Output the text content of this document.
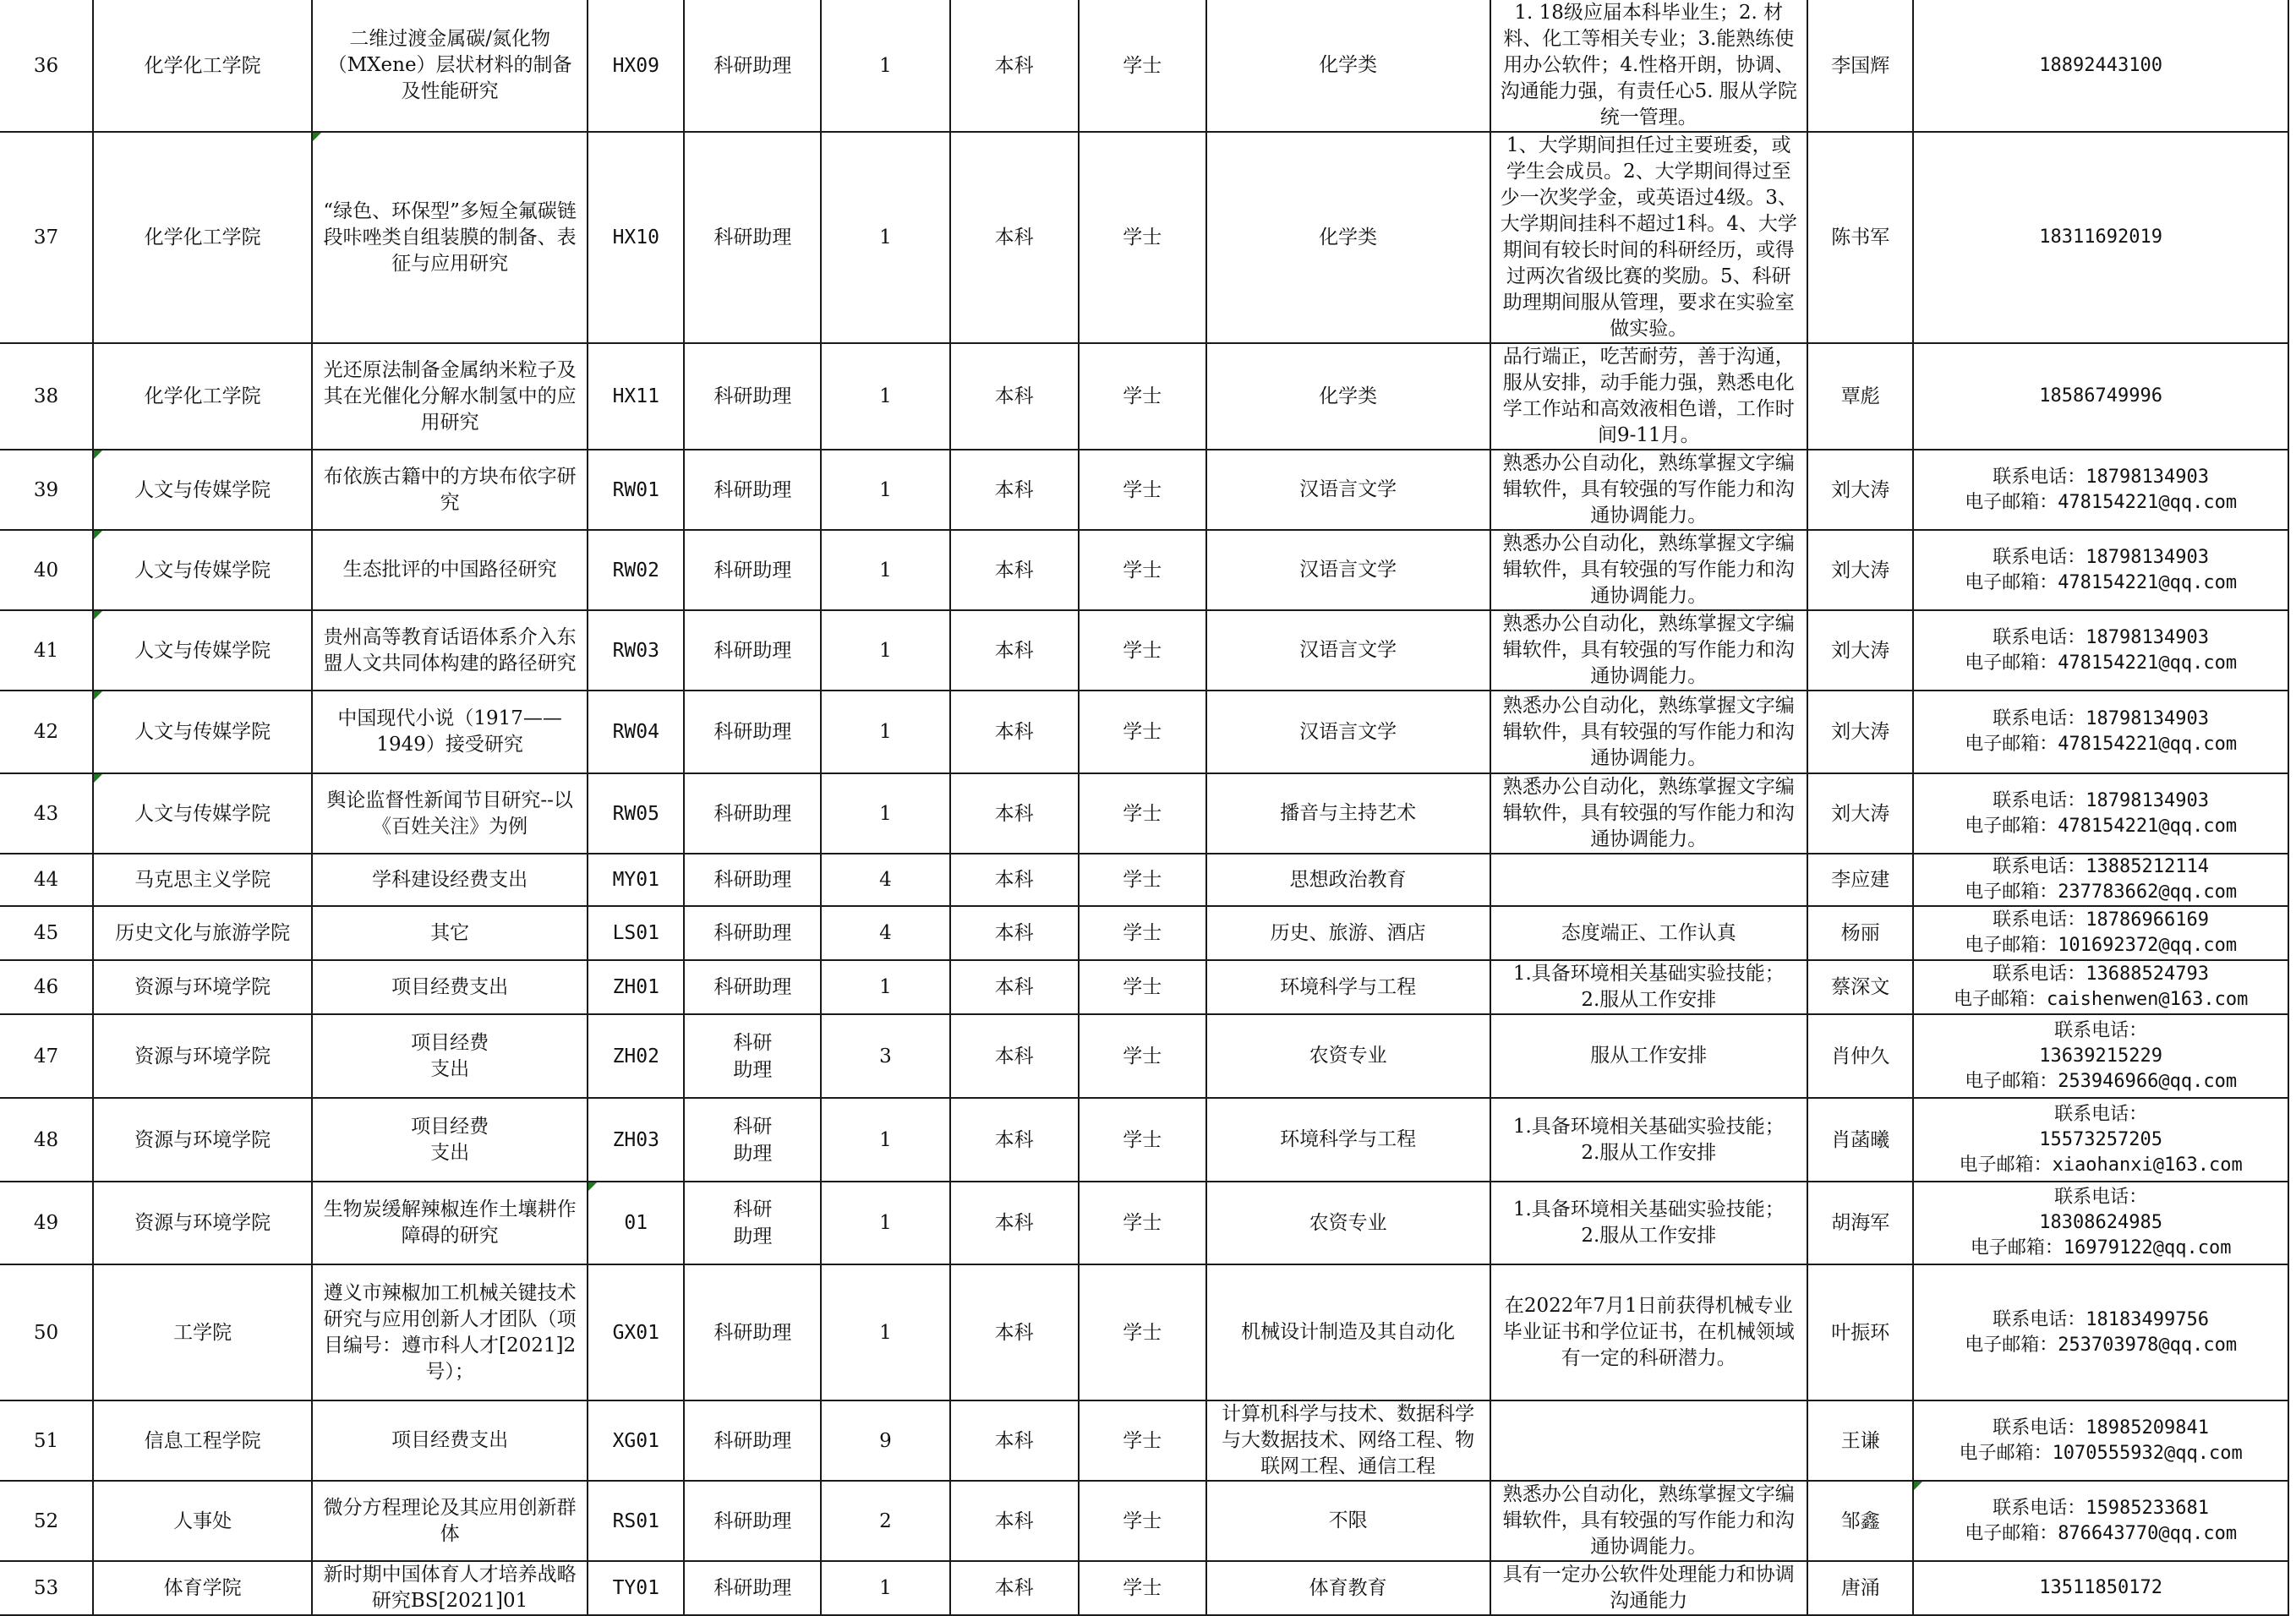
36	化学化工学院	二维过渡金属碳/氮化物（MXene）层状材料的制备及性能研究	HX09	科研助理	1	本科	学士	化学类	1. 18级应届本科毕业生；2. 材料、化工等相关专业；3.能熟练使用办公软件；4.性格开朗，协调、沟通能力强，有责任心5. 服从学院统一管理。	李国辉	18892443100

37	化学化工学院	“绿色、环保型”多短全氟碳链段咔唑类自组装膜的制备、表征与应用研究	HX10	科研助理	1	本科	学士	化学类	1、大学期间担任过主要班委，或学生会成员。2、大学期间得过至少一次奖学金，或英语过4级。3、大学期间挂科不超过1科。4、大学期间有较长时间的科研经历，或得过两次省级比赛的奖励。5、科研助理期间服从管理，要求在实验室做实验。	陈书军	18311692019

38	化学化工学院	光还原法制备金属纳米粒子及其在光催化分解水制氢中的应用研究	HX11	科研助理	1	本科	学士	化学类	品行端正，吃苦耐劳，善于沟通，服从安排，动手能力强，熟悉电化学工作站和高效液相色谱，工作时间9-11月。	覃彪	18586749996

39	人文与传媒学院	布依族古籍中的方块布依字研究	RW01	科研助理	1	本科	学士	汉语言文学	熟悉办公自动化，熟练掌握文字编辑软件，具有较强的写作能力和沟通协调能力。	刘大涛	联系电话：18798134903
电子邮箱：478154221@qq.com

40	人文与传媒学院	生态批评的中国路径研究	RW02	科研助理	1	本科	学士	汉语言文学	熟悉办公自动化，熟练掌握文字编辑软件，具有较强的写作能力和沟通协调能力。	刘大涛	联系电话：18798134903
电子邮箱：478154221@qq.com

41	人文与传媒学院	贵州高等教育话语体系介入东盟人文共同体构建的路径研究	RW03	科研助理	1	本科	学士	汉语言文学	熟悉办公自动化，熟练掌握文字编辑软件，具有较强的写作能力和沟通协调能力。	刘大涛	联系电话：18798134903
电子邮箱：478154221@qq.com

42	人文与传媒学院	中国现代小说（1917——1949）接受研究	RW04	科研助理	1	本科	学士	汉语言文学	熟悉办公自动化，熟练掌握文字编辑软件，具有较强的写作能力和沟通协调能力。	刘大涛	联系电话：18798134903
电子邮箱：478154221@qq.com

43	人文与传媒学院	舆论监督性新闻节目研究--以《百姓关注》为例	RW05	科研助理	1	本科	学士	播音与主持艺术	熟悉办公自动化，熟练掌握文字编辑软件，具有较强的写作能力和沟通协调能力。	刘大涛	联系电话：18798134903
电子邮箱：478154221@qq.com

44	马克思主义学院	学科建设经费支出	MY01	科研助理	4	本科	学士	思想政治教育		李应建	联系电话：13885212114
电子邮箱：237783662@qq.com

45	历史文化与旅游学院	其它	LS01	科研助理	4	本科	学士	历史、旅游、酒店	态度端正、工作认真	杨丽	联系电话：18786966169
电子邮箱：101692372@qq.com

46	资源与环境学院	项目经费支出	ZH01	科研助理	1	本科	学士	环境科学与工程	1.具备环境相关基础实验技能；
2.服从工作安排	蔡深文	联系电话：13688524793
电子邮箱：caishenwen@163.com

47	资源与环境学院	项目经费
支出	ZH02	科研
助理	3	本科	学士	农资专业	服从工作安排	肖仲久	联系电话：
13639215229
电子邮箱：253946966@qq.com

48	资源与环境学院	项目经费
支出	ZH03	科研
助理	1	本科	学士	环境科学与工程	1.具备环境相关基础实验技能；
2.服从工作安排	肖菡曦	联系电话：
15573257205
电子邮箱：xiaohanxi@163.com

49	资源与环境学院	生物炭缓解辣椒连作土壤耕作障碍的研究	01	科研
助理	1	本科	学士	农资专业	1.具备环境相关基础实验技能；
2.服从工作安排	胡海军	联系电话：
18308624985
电子邮箱：16979122@qq.com

50	工学院	遵义市辣椒加工机械关键技术研究与应用创新人才团队（项目编号：遵市科人才[2021]2号）；	GX01	科研助理	1	本科	学士	机械设计制造及其自动化	在2022年7月1日前获得机械专业毕业证书和学位证书，在机械领域有一定的科研潜力。	叶振环	联系电话：18183499756
电子邮箱：253703978@qq.com

51	信息工程学院	项目经费支出	XG01	科研助理	9	本科	学士	计算机科学与技术、数据科学与大数据技术、网络工程、物联网工程、通信工程		王谦	联系电话：18985209841
电子邮箱：1070555932@qq.com

52	人事处	微分方程理论及其应用创新群体	RS01	科研助理	2	本科	学士	不限	熟悉办公自动化，熟练掌握文字编辑软件，具有较强的写作能力和沟通协调能力。	邹鑫	联系电话：15985233681
电子邮箱：876643770@qq.com

53	体育学院	新时期中国体育人才培养战略研究BS[2021]01	TY01	科研助理	1	本科	学士	体育教育	具有一定办公软件处理能力和协调沟通能力	唐涌	13511850172
